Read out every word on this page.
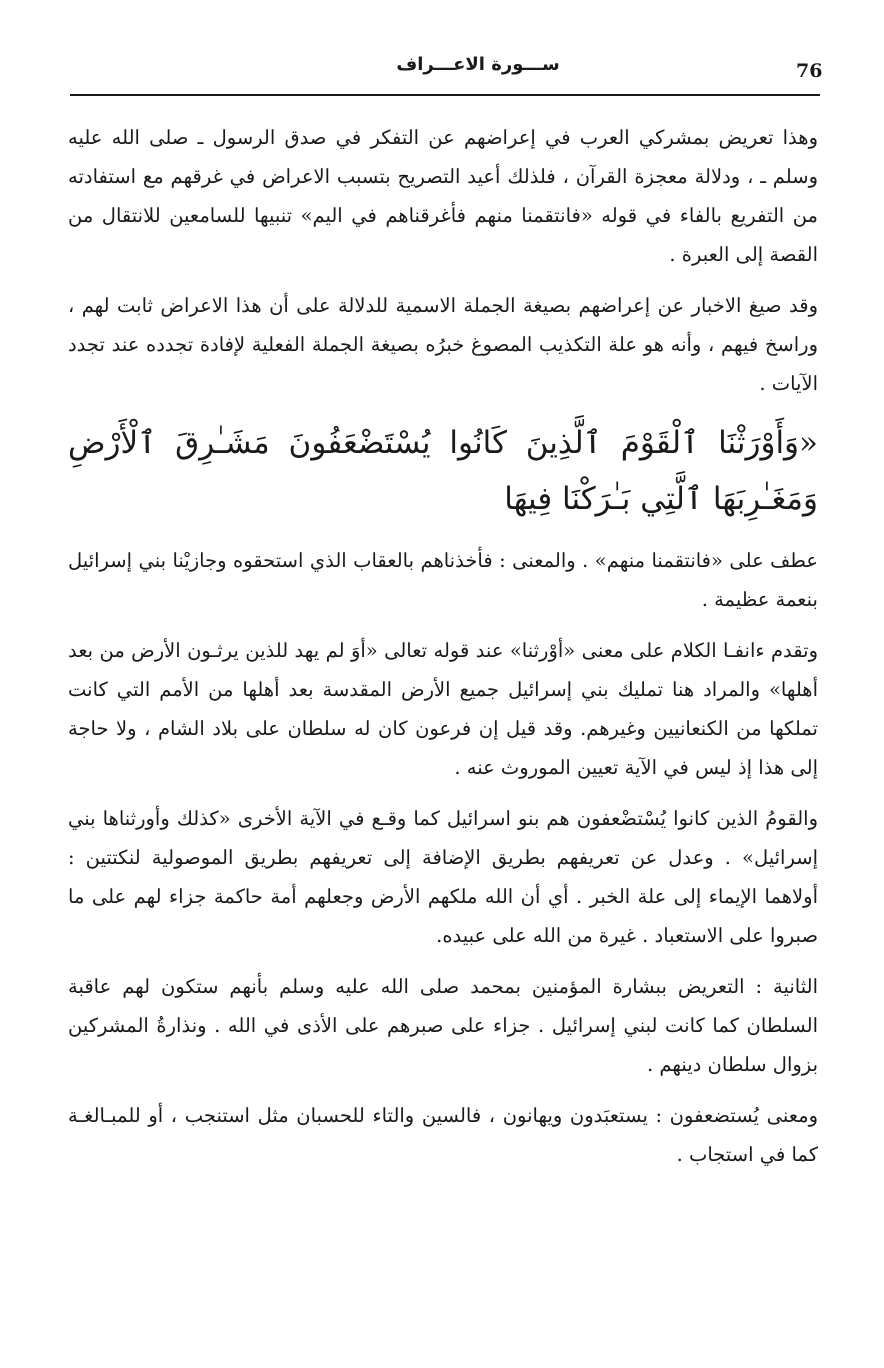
76
ســـورة الاعـــراف

وهذا تعريض بمشركي العرب في إعراضهم عن التفكر في صدق الرسول ـ صلى الله عليه وسلم ـ ، ودلالة معجزة القرآن ، فلذلك أعيد التصريح بتسبب الاعراض في غرقهم مع استفادته من التفريع بالفاء في قوله «فانتقمنا منهم فأغرقناهم في اليم» تنبيها للسامعين للانتقال من القصة إلى العبرة .

وقد صيغ الاخبار عن إعراضهم بصيغة الجملة الاسمية للدلالة على أن هذا الاعراض ثابت لهم ، وراسخ فيهم ، وأنه هو علة التكذيب المصوغ خبرُه بصيغة الجملة الفعلية لإفادة تجدده عند تجدد الآيات .

«وَأَوْرَثْنَا ٱلْقَوْمَ ٱلَّذِينَ كَانُوا يُسْتَضْعَفُونَ مَشَـٰرِقَ ٱلْأَرْضِ وَمَغَـٰرِبَهَا ٱلَّتِي بَـٰرَكْنَا فِيهَا

عطف على «فانتقمنا منهم» . والمعنى : فأخذناهم بالعقاب الذي استحقوه وجازيْنا بني إسرائيل بنعمة عظيمة .

وتقدم ءانفـا الكلام على معنى «أوْرثنا» عند قوله تعالى «أوَ لم يهد للذين يرثـون الأرض من بعد أهلها» والمراد هنا تمليك بني إسرائيل جميع الأرض المقدسة بعد أهلها من الأمم التي كانت تملكها من الكنعانيين وغيرهم. وقد قيل إن فرعون كان له سلطان على بلاد الشام ، ولا حاجة إلى هذا إذ ليس في الآية تعيين الموروث عنه .

والقومُ الذين كانوا يُسْتضْعفون هم بنو اسرائيل كما وقـع في الآية الأخرى «كذلك وأورثناها بني إسرائيل» . وعدل عن تعريفهم بطريق الإضافة إلى تعريفهم بطريق الموصولية لنكتتين : أولاهما الإيماء إلى علة الخبر . أي أن الله ملكهم الأرض وجعلهم أمة حاكمة جزاء لهم على ما صبروا على الاستعباد . غيرة من الله على عبيده.

الثانية : التعريض ببشارة المؤمنين بمحمد صلى الله عليه وسلم بأنهم ستكون لهم عاقبة السلطان كما كانت لبني إسرائيل . جزاء على صبرهم على الأذى في الله . ونذارةُ المشركين بزوال سلطان دينهم .

ومعنى يُستضعفون : يستعبَدون ويهانون ، فالسين والتاء للحسبان مثل استنجب ، أو للمبـالغـة كما في استجاب .
